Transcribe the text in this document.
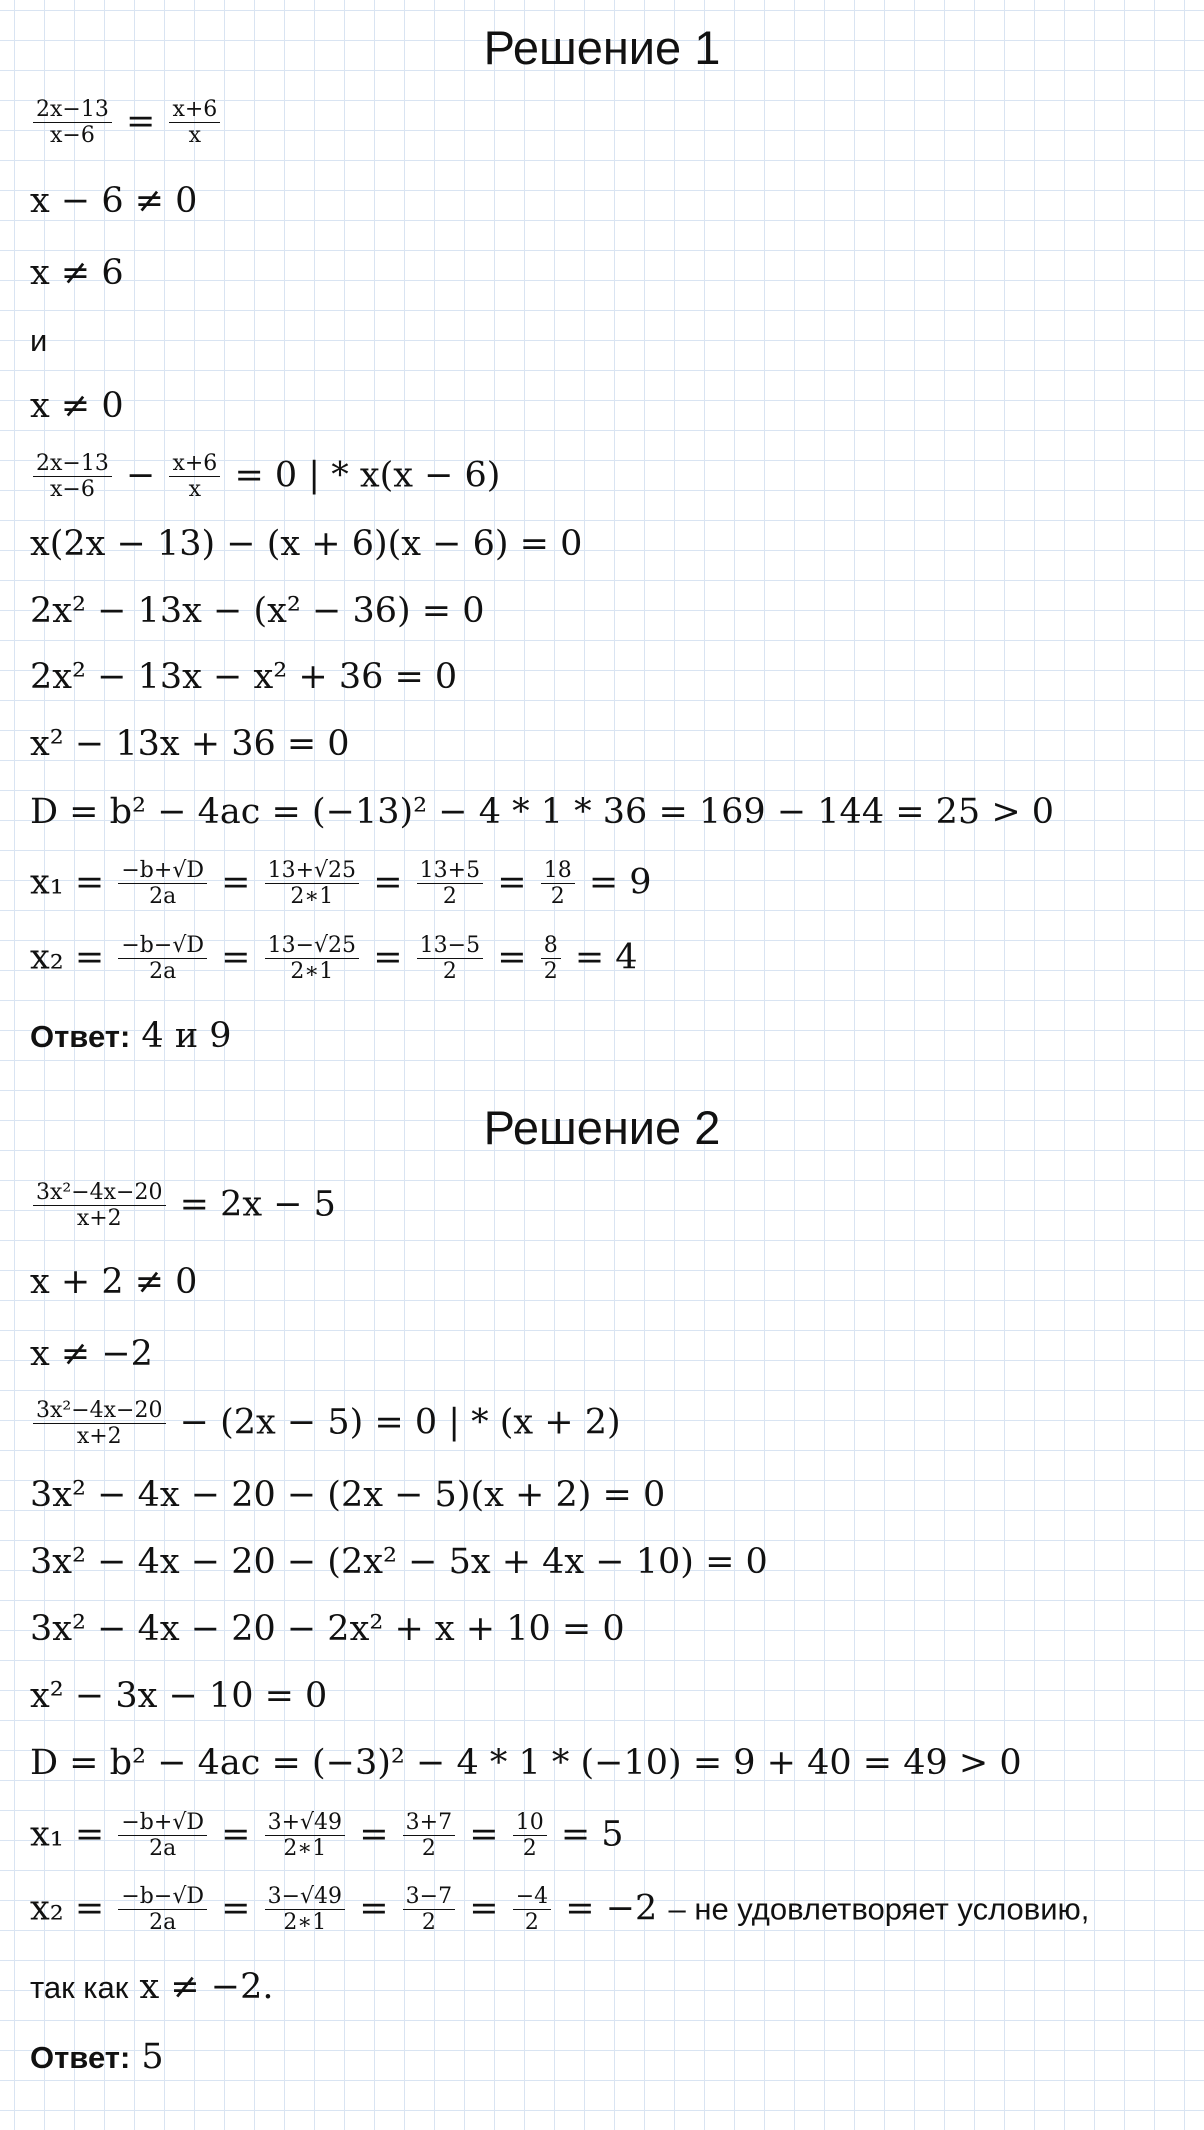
Решение 1
$\frac{2x-13}{x-6} = \frac{x+6}{x}$
x − 6 ≠ 0
x ≠ 6
и
x ≠ 0
$\frac{2x-13}{x-6} - \frac{x+6}{x} = 0$ | * x(x − 6)
x(2x − 13) − (x + 6)(x − 6) = 0
2x² − 13x − (x² − 36) = 0
2x² − 13x − x² + 36 = 0
x² − 13x + 36 = 0
D = b² − 4ac = (−13)² − 4 * 1 * 36 = 169 − 144 = 25 > 0
$x_1 = \frac{-b+√D}{2a} = \frac{13+√25}{2∗1} = \frac{13+5}{2} = \frac{18}{2} = 9$
$x_2 = \frac{-b-√D}{2a} = \frac{13-√25}{2∗1} = \frac{13-5}{2} = \frac{8}{2} = 4$
Ответ: 4 и 9
Решение 2
$\frac{\text{3x²−4x−20}}{x+2} = 2x - 5$
x + 2 ≠ 0
x ≠ −2
$\frac{\text{3x²−4x−20}}{x+2} - (2x - 5) = 0$ | * (x + 2)
3x² − 4x − 20 − (2x − 5)(x + 2) = 0
3x² − 4x − 20 − (2x² − 5x + 4x − 10) = 0
3x² − 4x − 20 − 2x² + x + 10 = 0
x² − 3x − 10 = 0
D = b² − 4ac = (−3)² − 4 * 1 * (−10) = 9 + 40 = 49 > 0
$x_1 = \frac{-b+√D}{2a} = \frac{3+√49}{2∗1} = \frac{3+7}{2} = \frac{10}{2} = 5$
$x_2 = \frac{-b-√D}{2a} = \frac{3-√49}{2∗1} = \frac{3-7}{2} = \frac{-4}{2} = -2$ – не удовлетворяет условию,
так как x ≠ −2.
Ответ: 5
